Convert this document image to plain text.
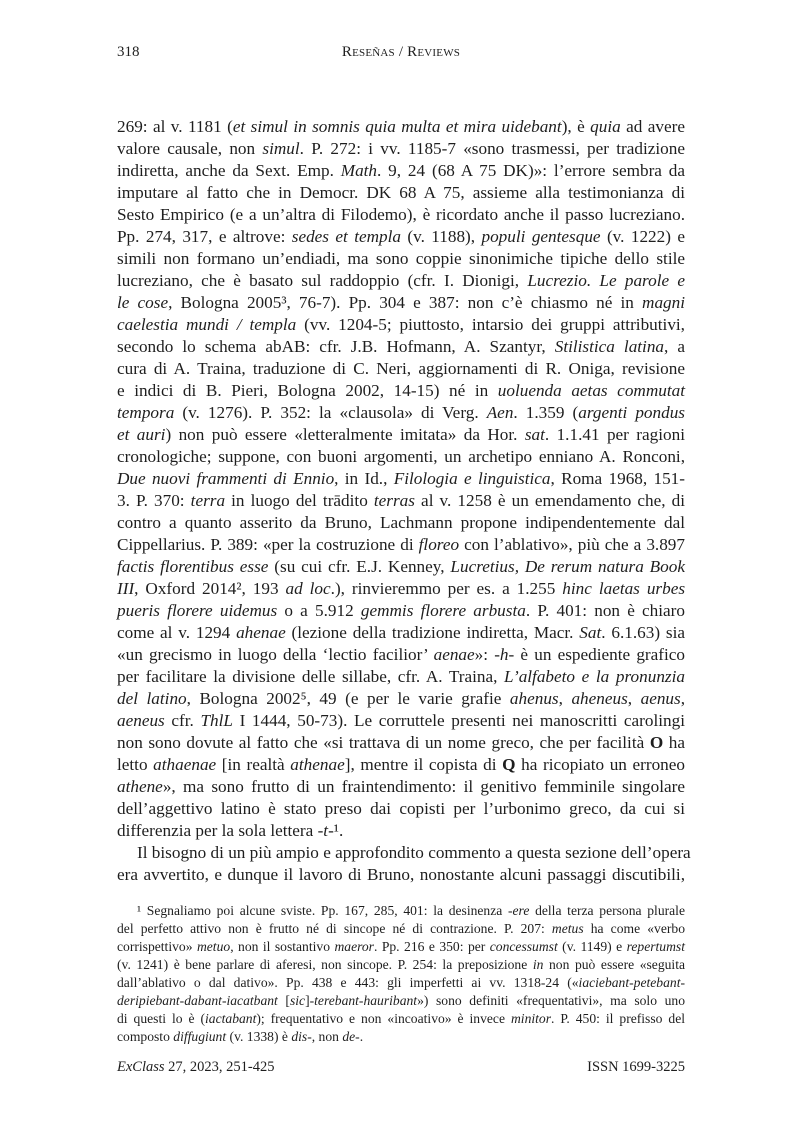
318	Reseñas / Reviews
269: al v. 1181 (et simul in somnis quia multa et mira uidebant), è quia ad avere
valore causale, non simul. P. 272: i vv. 1185-7 «sono trasmessi, per tradizione
indiretta, anche da Sext. Emp. Math. 9, 24 (68 A 75 DK)»: l’errore sembra da
imputare al fatto che in Democr. DK 68 A 75, assieme alla testimonianza di
Sesto Empirico (e a un’altra di Filodemo), è ricordato anche il passo lucreziano.
Pp. 274, 317, e altrove: sedes et templa (v. 1188), populi gentesque (v. 1222) e
simili non formano un’endiadi, ma sono coppie sinonimiche tipiche dello stile
lucreziano, che è basato sul raddoppio (cfr. I. Dionigi, Lucrezio. Le parole e
le cose, Bologna 2005³, 76-7). Pp. 304 e 387: non c’è chiasmo né in magni
caelestia mundi / templa (vv. 1204-5; piuttosto, intarsio dei gruppi attributivi,
secondo lo schema abAB: cfr. J.B. Hofmann, A. Szantyr, Stilistica latina, a
cura di A. Traina, traduzione di C. Neri, aggiornamenti di R. Oniga, revisione
e indici di B. Pieri, Bologna 2002, 14-15) né in uoluenda aetas commutat
tempora (v. 1276). P. 352: la «clausola» di Verg. Aen. 1.359 (argenti pondus
et auri) non può essere «letteralmente imitata» da Hor. sat. 1.1.41 per ragioni
cronologiche; suppone, con buoni argomenti, un archetipo enniano A. Ronconi,
Due nuovi frammenti di Ennio, in Id., Filologia e linguistica, Roma 1968, 151-
3. P. 370: terra in luogo del trādito terras al v. 1258 è un emendamento che, di
contro a quanto asserito da Bruno, Lachmann propone indipendentemente dal
Cippellarius. P. 389: «per la costruzione di floreo con l’ablativo», più che a 3.897
factis florentibus esse (su cui cfr. E.J. Kenney, Lucretius, De rerum natura Book
III, Oxford 2014², 193 ad loc.), rinvieremmo per es. a 1.255 hinc laetas urbes
pueris florere uidemus o a 5.912 gemmis florere arbusta. P. 401: non è chiaro
come al v. 1294 ahenae (lezione della tradizione indiretta, Macr. Sat. 6.1.63) sia
«un grecismo in luogo della ‘lectio facilior’ aenae»: -h- è un espediente grafico
per facilitare la divisione delle sillabe, cfr. A. Traina, L’alfabeto e la pronunzia
del latino, Bologna 2002⁵, 49 (e per le varie grafie ahenus, aheneus, aenus,
aeneus cfr. ThlL I 1444, 50-73). Le corruttele presenti nei manoscritti carolingi
non sono dovute al fatto che «si trattava di un nome greco, che per facilità O ha
letto athaenae [in realtà athenae], mentre il copista di Q ha ricopiato un erroneo
athene», ma sono frutto di un fraintendimento: il genitivo femminile singolare
dell’aggettivo latino è stato preso dai copisti per l’urbonimo greco, da cui si
differenzia per la sola lettera -t-¹.
Il bisogno di un più ampio e approfondito commento a questa sezione dell’opera
era avvertito, e dunque il lavoro di Bruno, nonostante alcuni passaggi discutibili,
¹ Segnaliamo poi alcune sviste. Pp. 167, 285, 401: la desinenza -ere della terza persona plurale
del perfetto attivo non è frutto né di sincope né di contrazione. P. 207: metus ha come «verbo
corrispettivo» metuo, non il sostantivo maeror. Pp. 216 e 350: per concessumst (v. 1149) e repertumst
(v. 1241) è bene parlare di aferesi, non sincope. P. 254: la preposizione in non può essere «seguita
dall’ablativo o dal dativo». Pp. 438 e 443: gli imperfetti ai vv. 1318-24 («iaciebant-petebant-
deripiebant-dabant-iacatbant [sic]-terebant-hauribant») sono definiti «frequentativi», ma solo uno
di questi lo è (iactabant); frequentativo e non «incoativo» è invece minitor. P. 450: il prefisso del
composto diffugiunt (v. 1338) è dis-, non de-.
ExClass 27, 2023, 251-425	ISSN 1699-3225
